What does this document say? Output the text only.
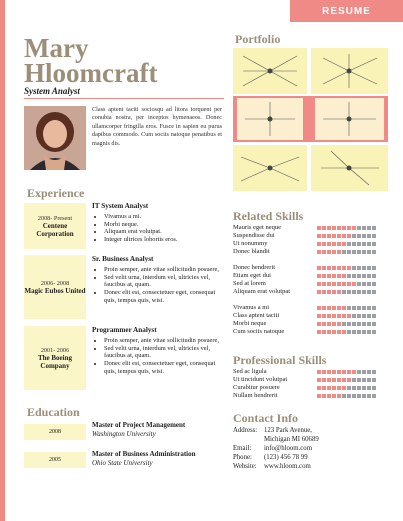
RESUME
Mary
Hloomcraft
System Analyst
Class aptent taciti sociosqu ad litora torquent per conubia nostra, per inceptos hymenaeos. Donec ullamcorper fringilla eros. Fusce in sapien eu purus dapibus commodo. Cum sociis natoque penatibus et magnis dis.
Experience
2008- Present
Centene Corporation
IT System Analyst
• Vivamus a mi.
• Morbi neque.
• Aliquam erat volutpat.
• Integer ultrices lobortis eros.
2006- 2008
Magic Eubos United
Sr. Business Analyst
• Proin semper, ante vitae sollicitudin posuere,
• Sed velit urna, interdum vel, ultricies vel, faucibus at, quam.
• Donec elit est, consectetuer eget, consequat quis, tempus quis, wisi.
2001- 2006
The Boeing Company
Programmer Analyst
• Proin semper, ante vitae sollicitudin posuere,
• Sed velit urna, interdum vel, ultricies vel, faucibus at, quam.
• Donec elit est, consectetuer eget, consequat quis, tempus quis, wisi.
Education
2008
Master of Project Management
Washington University
2005
Master of Business Administration
Ohio State University
Portfolio
Related Skills
Mauris eget neque
Suspendisse dui
Ut nonummy
Donec blandit
Donec hendrerit
Etiam eget dui
Sed at lorem
Aliquam erat volutpat
Vivamus a mi
Class aptent taciti
Morbi neque
Cum sociis natoque
Professional Skills
Sed ac ligula
Ut tincidunt volutpat
Curabitur posuere
Nullam hendrerit
Contact Info
Address: 123 Park Avenue,
Michigan MI 60689
Email: info@hloom.com
Phone: (123) 456 78 99
Website: www.hloom.com
